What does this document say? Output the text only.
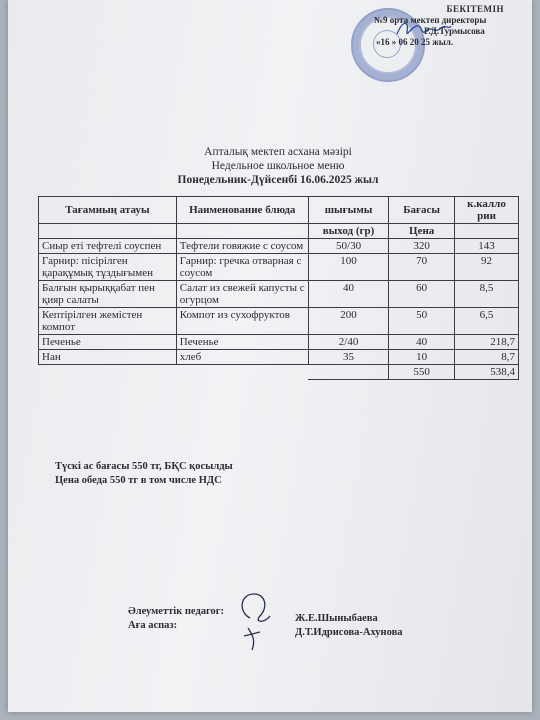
БЕКІТЕМІН
№9 орта мектеп директоры
Р.Д.Турмысова
«16 » 06 20 25 жыл.
Апталық мектеп асхана мәзірі
Недельное школьное меню
Понедельник-Дүйсенбі 16.06.2025 жыл
Тағамның атауы	Наименование блюда	шығымы	Бағасы	к.калло рии
		выход (гр)	Цена	
Сиыр еті тефтелі соуспен	Тефтели говяжие с соусом	50/30	320	143
Гарнир: пісірілген қарақұмық тұздығымен	Гарнир: гречка отварная с соусом	100	70	92
Балғын қырыққабат пен қияр салаты	Салат из свежей капусты с огурцом	40	60	8,5
Кептірілген жемістен компот	Компот из сухофруктов	200	50	6,5
Печенье	Печенье	2/40	40	218,7
Нан	хлеб	35	10	8,7
			550	538,4
Түскі ас бағасы 550 тг, БҚС қосылды
Цена обеда 550 тг в том числе НДС
Әлеуметтік педагог:
Аға аспаз:
Ж.Е.Шыныбаева
Д.Т.Идрисова-Ахунова
